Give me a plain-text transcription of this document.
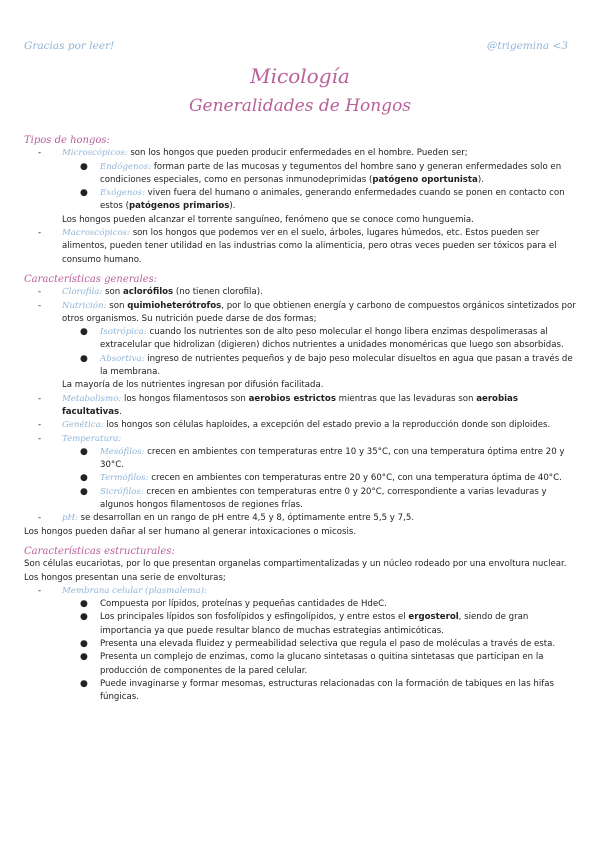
Gracias por leer!	@trigemina <3
Micología
Generalidades de Hongos
Tipos de hongos:
- Microscópicos: son los hongos que pueden producir enfermedades en el hombre. Pueden ser;
● Endógenos: forman parte de las mucosas y tegumentos del hombre sano y generan enfermedades solo en condiciones especiales, como en personas inmunodeprimidas (patógeno oportunista).
● Exógenos: viven fuera del humano o animales, generando enfermedades cuando se ponen en contacto con estos (patógenos primarios).
Los hongos pueden alcanzar el torrente sanguíneo, fenómeno que se conoce como hunguemia.
- Macroscópicos: son los hongos que podemos ver en el suelo, árboles, lugares húmedos, etc. Estos pueden ser alimentos, pueden tener utilidad en las industrias como la alimenticia, pero otras veces pueden ser tóxicos para el consumo humano.
Características generales:
- Clorofila: son aclorófilos (no tienen clorofila).
- Nutrición: son quimioheterótrofos, por lo que obtienen energía y carbono de compuestos orgánicos sintetizados por otros organismos. Su nutrición puede darse de dos formas;
● Isotrópica: cuando los nutrientes son de alto peso molecular el hongo libera enzimas despolimerasas al extracelular que hidrolizan (digieren) dichos nutrientes a unidades monoméricas que luego son absorbidas.
● Absortiva: ingreso de nutrientes pequeños y de bajo peso molecular disueltos en agua que pasan a través de la membrana.
La mayoría de los nutrientes ingresan por difusión facilitada.
- Metabolismo: los hongos filamentosos son aerobios estrictos mientras que las levaduras son aerobias facultativas.
- Genética: los hongos son células haploides, a excepción del estado previo a la reproducción donde son diploides.
- Temperatura:
● Mesófilos: crecen en ambientes con temperaturas entre 10 y 35°C, con una temperatura óptima entre 20 y 30°C.
● Termófilos: crecen en ambientes con temperaturas entre 20 y 60°C, con una temperatura óptima de 40°C.
● Sicrófilos: crecen en ambientes con temperaturas entre 0 y 20°C, correspondiente a varias levaduras y algunos hongos filamentosos de regiones frías.
- pH: se desarrollan en un rango de pH entre 4,5 y 8, óptimamente entre 5,5 y 7,5.
Los hongos pueden dañar al ser humano al generar intoxicaciones o micosis.
Características estructurales:
Son células eucariotas, por lo que presentan organelas compartimentalizadas y un núcleo rodeado por una envoltura nuclear. Los hongos presentan una serie de envolturas;
- Membrana celular (plasmalema):
● Compuesta por lípidos, proteínas y pequeñas cantidades de HdeC.
● Los principales lípidos son fosfolípidos y esfingolípidos, y entre estos el ergosterol, siendo de gran importancia ya que puede resultar blanco de muchas estrategias antimicóticas.
● Presenta una elevada fluidez y permeabilidad selectiva que regula el paso de moléculas a través de esta.
● Presenta un complejo de enzimas, como la glucano sintetasas o quitina sintetasas que participan en la producción de componentes de la pared celular.
● Puede invaginarse y formar mesomas, estructuras relacionadas con la formación de tabiques en las hifas fúngicas.
